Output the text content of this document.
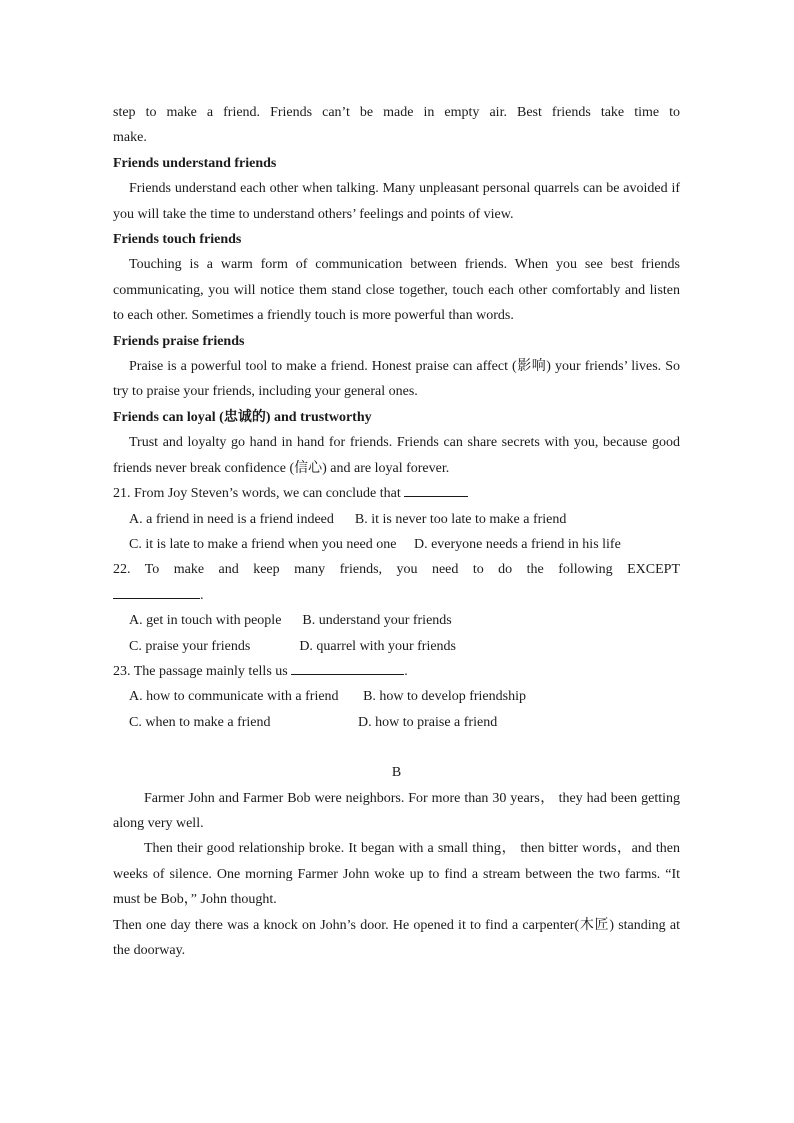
step to make a friend. Friends can’t be made in empty air. Best friends take time to

make.

Friends understand friends

Friends understand each other when talking. Many unpleasant personal quarrels can be avoided if you will take the time to understand others’ feelings and points of view.

Friends touch friends

Touching is a warm form of communication between friends. When you see best friends communicating, you will notice them stand close together, touch each other comfortably and listen to each other. Sometimes a friendly touch is more powerful than words.

Friends praise friends

Praise is a powerful tool to make a friend. Honest praise can affect (影响) your friends’ lives. So try to praise your friends, including your general ones.

Friends can loyal (忠诚的) and trustworthy

Trust and loyalty go hand in hand for friends. Friends can share secrets with you, because good friends never break confidence (信心) and are loyal forever.

21. From Joy Steven’s words, we can conclude that

A. a friend in need is a friend indeed B. it is never too late to make a friend

C. it is late to make a friend when you need one D. everyone needs a friend in his life

22. To make and keep many friends, you need to do the following EXCEPT

.

A. get in touch with people B. understand your friends

C. praise your friends	D. quarrel with your friends

23. The passage mainly tells us	.

A. how to communicate with a friend B. how to develop friendship

C. when to make a friend	D. how to praise a friend

B

Farmer John and Farmer Bob were neighbors. For more than 30 years， they had been getting along very well.

Then their good relationship broke. It began with a small thing， then bitter words，and then weeks of silence. One morning Farmer John woke up to find a stream between the two farms. “It must be Bob，” John thought.

Then one day there was a knock on John’s door. He opened it to find a carpenter(木匠) standing at the doorway.
